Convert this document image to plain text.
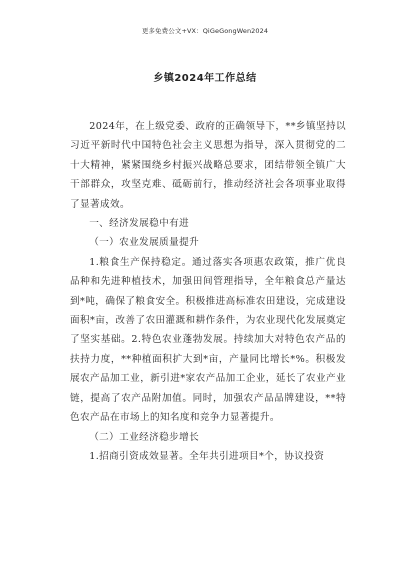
更多免费公文+VX：QiGeGongWen2024
乡镇2024年工作总结

2024年，在上级党委、政府的正确领导下，**乡镇坚持以习近平新时代中国特色社会主义思想为指导，深入贯彻党的二十大精神，紧紧围绕乡村振兴战略总要求，团结带领全镇广大干部群众，攻坚克难、砥砺前行，推动经济社会各项事业取得了显著成效。

一、经济发展稳中有进

（一）农业发展质量提升

1.粮食生产保持稳定。通过落实各项惠农政策，推广优良品种和先进种植技术，加强田间管理指导，全年粮食总产量达到*吨，确保了粮食安全。积极推进高标准农田建设，完成建设面积*亩，改善了农田灌溉和耕作条件，为农业现代化发展奠定了坚实基础。2.特色农业蓬勃发展。持续加大对特色农产品的扶持力度，**种植面积扩大到*亩，产量同比增长*%。积极发展农产品加工业，新引进*家农产品加工企业，延长了农业产业链，提高了农产品附加值。同时，加强农产品品牌建设，**特色农产品在市场上的知名度和竞争力显著提升。

（二）工业经济稳步增长

1.招商引资成效显著。全年共引进项目*个，协议投资
